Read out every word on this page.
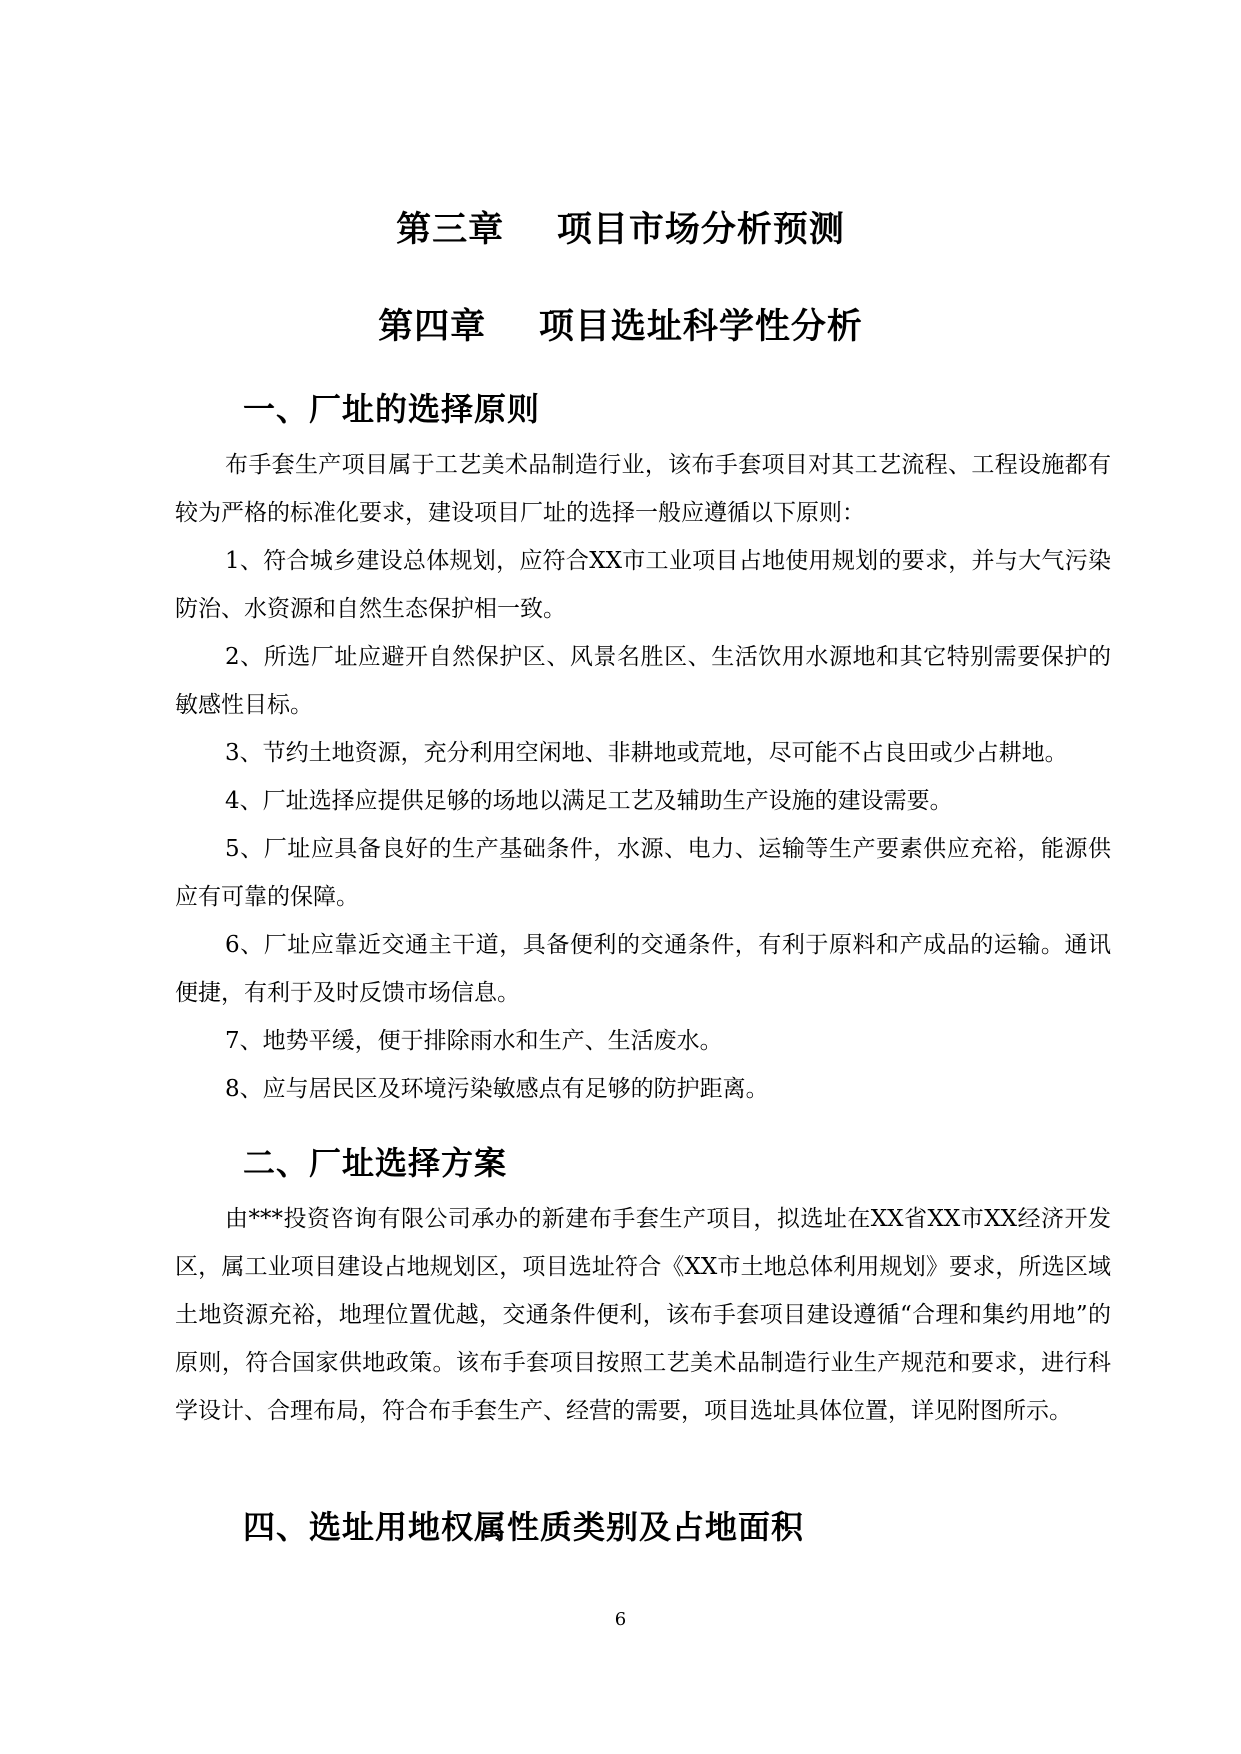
第三章    项目市场分析预测
第四章    项目选址科学性分析
一、厂址的选择原则

布手套生产项目属于工艺美术品制造行业，该布手套项目对其工艺流程、工程设施都有较为严格的标准化要求，建设项目厂址的选择一般应遵循以下原则：

1、符合城乡建设总体规划，应符合XX市工业项目占地使用规划的要求，并与大气污染防治、水资源和自然生态保护相一致。

2、所选厂址应避开自然保护区、风景名胜区、生活饮用水源地和其它特别需要保护的敏感性目标。

3、节约土地资源，充分利用空闲地、非耕地或荒地，尽可能不占良田或少占耕地。

4、厂址选择应提供足够的场地以满足工艺及辅助生产设施的建设需要。

5、厂址应具备良好的生产基础条件，水源、电力、运输等生产要素供应充裕，能源供应有可靠的保障。

6、厂址应靠近交通主干道，具备便利的交通条件，有利于原料和产成品的运输。通讯便捷，有利于及时反馈市场信息。

7、地势平缓，便于排除雨水和生产、生活废水。

8、应与居民区及环境污染敏感点有足够的防护距离。

二、厂址选择方案

由***投资咨询有限公司承办的新建布手套生产项目，拟选址在XX省XX市XX经济开发区，属工业项目建设占地规划区，项目选址符合《XX市土地总体利用规划》要求，所选区域土地资源充裕，地理位置优越，交通条件便利，该布手套项目建设遵循“合理和集约用地”的原则，符合国家供地政策。该布手套项目按照工艺美术品制造行业生产规范和要求，进行科学设计、合理布局，符合布手套生产、经营的需要，项目选址具体位置，详见附图所示。

四、选址用地权属性质类别及占地面积
6
